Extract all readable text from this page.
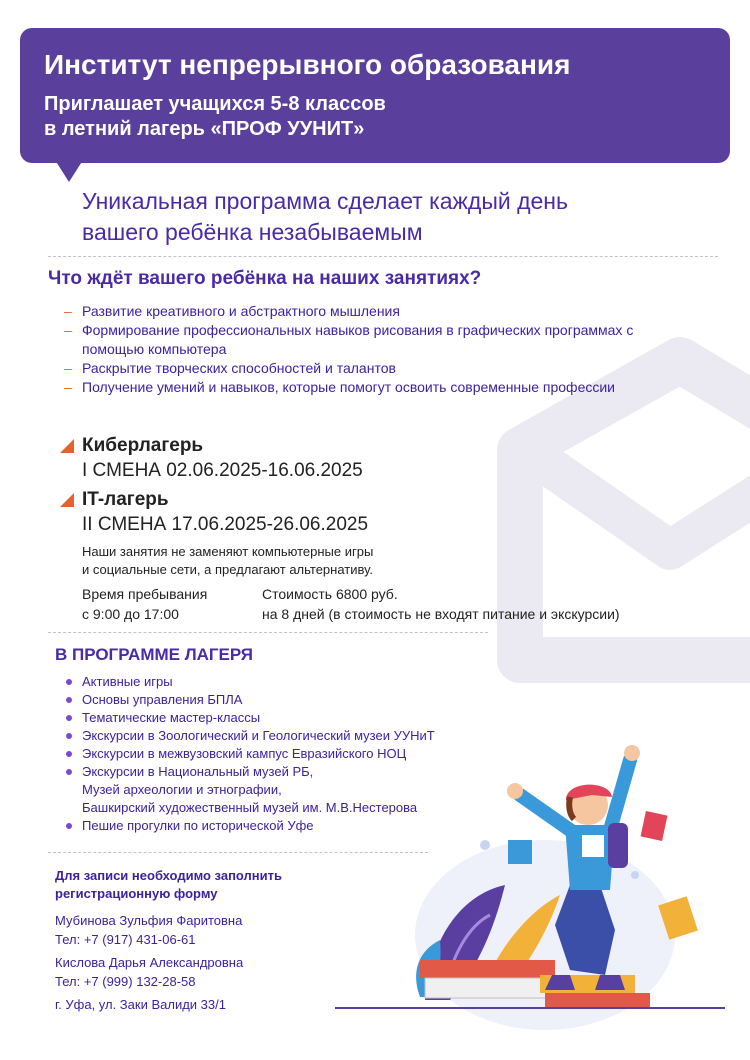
Институт непрерывного образования
Приглашает учащихся 5-8 классов
в летний лагерь «ПРОФ УУНИТ»
Уникальная программа сделает каждый день
вашего ребёнка незабываемым
Что ждёт вашего ребёнка на наших занятиях?
– Развитие креативного и абстрактного мышления
– Формирование профессиональных навыков рисования в графических программах с помощью компьютера
– Раскрытие творческих способностей и талантов
– Получение умений и навыков, которые помогут освоить современные профессии
Киберлагерь
I СМЕНА 02.06.2025-16.06.2025
IT-лагерь
II СМЕНА 17.06.2025-26.06.2025
Наши занятия не заменяют компьютерные игры
и социальные сети, а предлагают альтернативу.
Время пребывания
с 9:00 до 17:00
Стоимость 6800 руб.
на 8 дней (в стоимость не входят питание и экскурсии)
В ПРОГРАММЕ ЛАГЕРЯ
Активные игры
Основы управления БПЛА
Тематические мастер-классы
Экскурсии в Зоологический и Геологический музеи УУНиТ
Экскурсии в межвузовский кампус Евразийского НОЦ
Экскурсии в Национальный музей РБ,
Музей археологии и этнографии,
Башкирский художественный музей им. М.В.Нестерова
Пешие прогулки по исторической Уфе
Для записи необходимо заполнить
регистрационную форму
Мубинова Зульфия Фаритовна
Тел: +7 (917) 431-06-61
Кислова Дарья Александровна
Тел: +7 (999) 132-28-58
г. Уфа, ул. Заки Валиди 33/1
